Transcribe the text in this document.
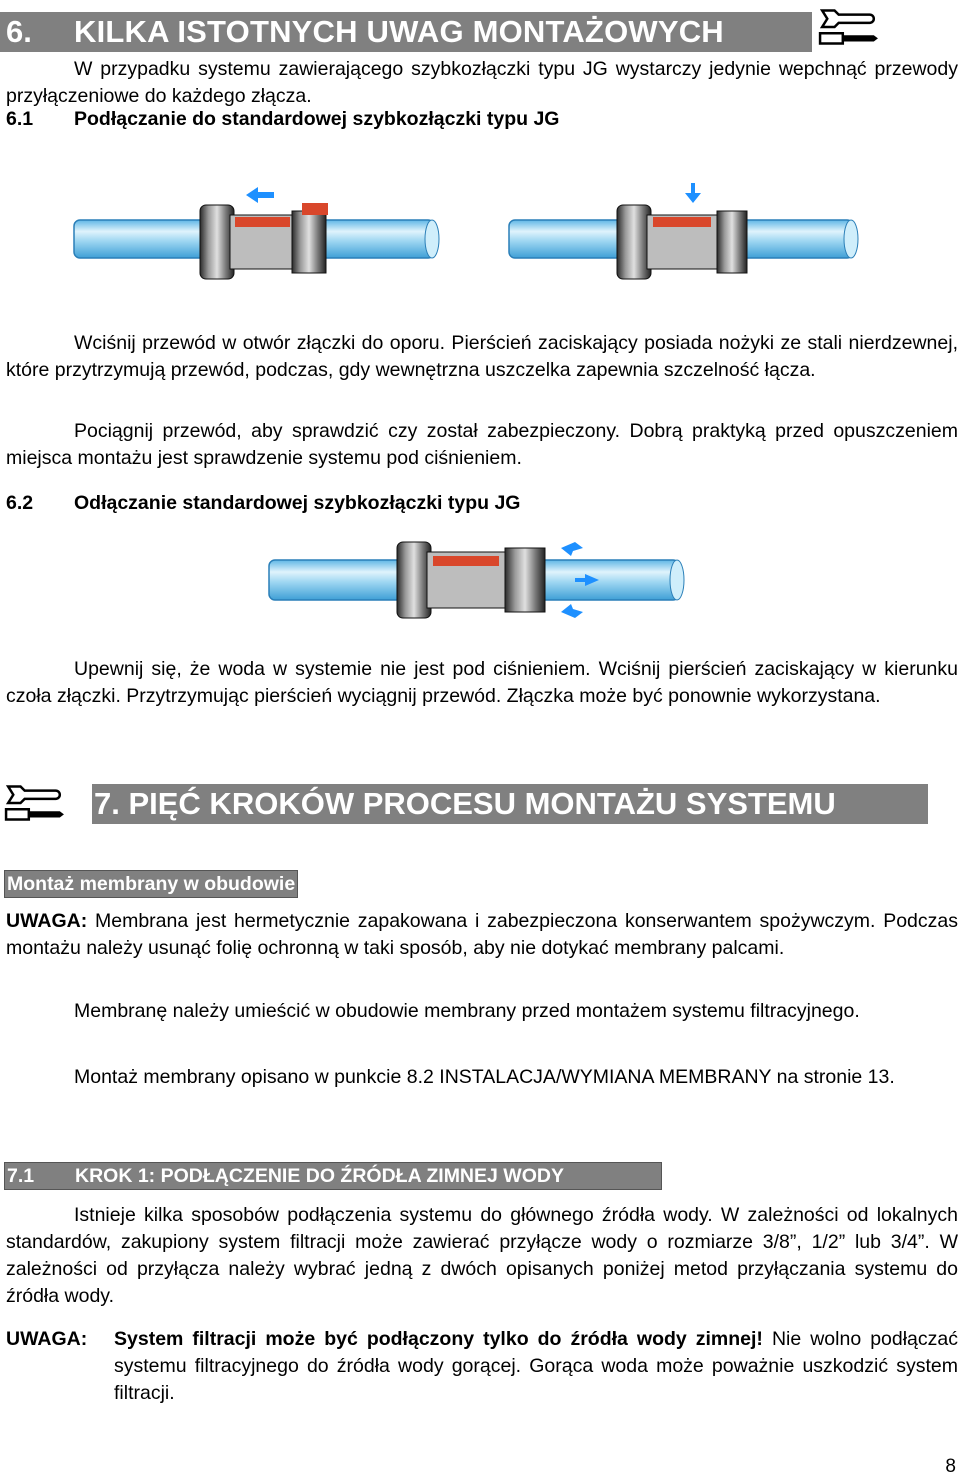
6. KILKA ISTOTNYCH UWAG MONTAŻOWYCH
W przypadku systemu zawierającego szybkozłączki typu JG wystarczy jedynie wepchnąć przewody przyłączeniowe do każdego złącza.
6.1 Podłączanie do standardowej szybkozłączki typu JG
Wciśnij przewód w otwór złączki do oporu. Pierścień zaciskający posiada nożyki ze stali nierdzewnej, które przytrzymują przewód, podczas, gdy wewnętrzna uszczelka zapewnia szczelność łącza.
Pociągnij przewód, aby sprawdzić czy został zabezpieczony. Dobrą praktyką przed opuszczeniem miejsca montażu jest sprawdzenie systemu pod ciśnieniem.
6.2 Odłączanie standardowej szybkozłączki typu JG
Upewnij się, że woda w systemie nie jest pod ciśnieniem. Wciśnij pierścień zaciskający w kierunku czoła złączki. Przytrzymując pierścień wyciągnij przewód. Złączka może być ponownie wykorzystana.
7. PIĘĆ KROKÓW PROCESU MONTAŻU SYSTEMU
Montaż membrany w obudowie
UWAGA: Membrana jest hermetycznie zapakowana i zabezpieczona konserwantem spożywczym. Podczas montażu należy usunąć folię ochronną w taki sposób, aby nie dotykać membrany palcami.
Membranę należy umieścić w obudowie membrany przed montażem systemu filtracyjnego.
Montaż membrany opisano w punkcie 8.2 INSTALACJA/WYMIANA MEMBRANY na stronie 13.
7.1 KROK 1: PODŁĄCZENIE DO ŹRÓDŁA ZIMNEJ WODY
Istnieje kilka sposobów podłączenia systemu do głównego źródła wody. W zależności od lokalnych standardów, zakupiony system filtracji może zawierać przyłącze wody o rozmiarze 3/8”, 1/2” lub 3/4”. W zależności od przyłącza należy wybrać jedną z dwóch opisanych poniżej metod przyłączania systemu do źródła wody.
UWAGA: System filtracji może być podłączony tylko do źródła wody zimnej! Nie wolno podłączać systemu filtracyjnego do źródła wody gorącej. Gorąca woda może poważnie uszkodzić system filtracji.
8
